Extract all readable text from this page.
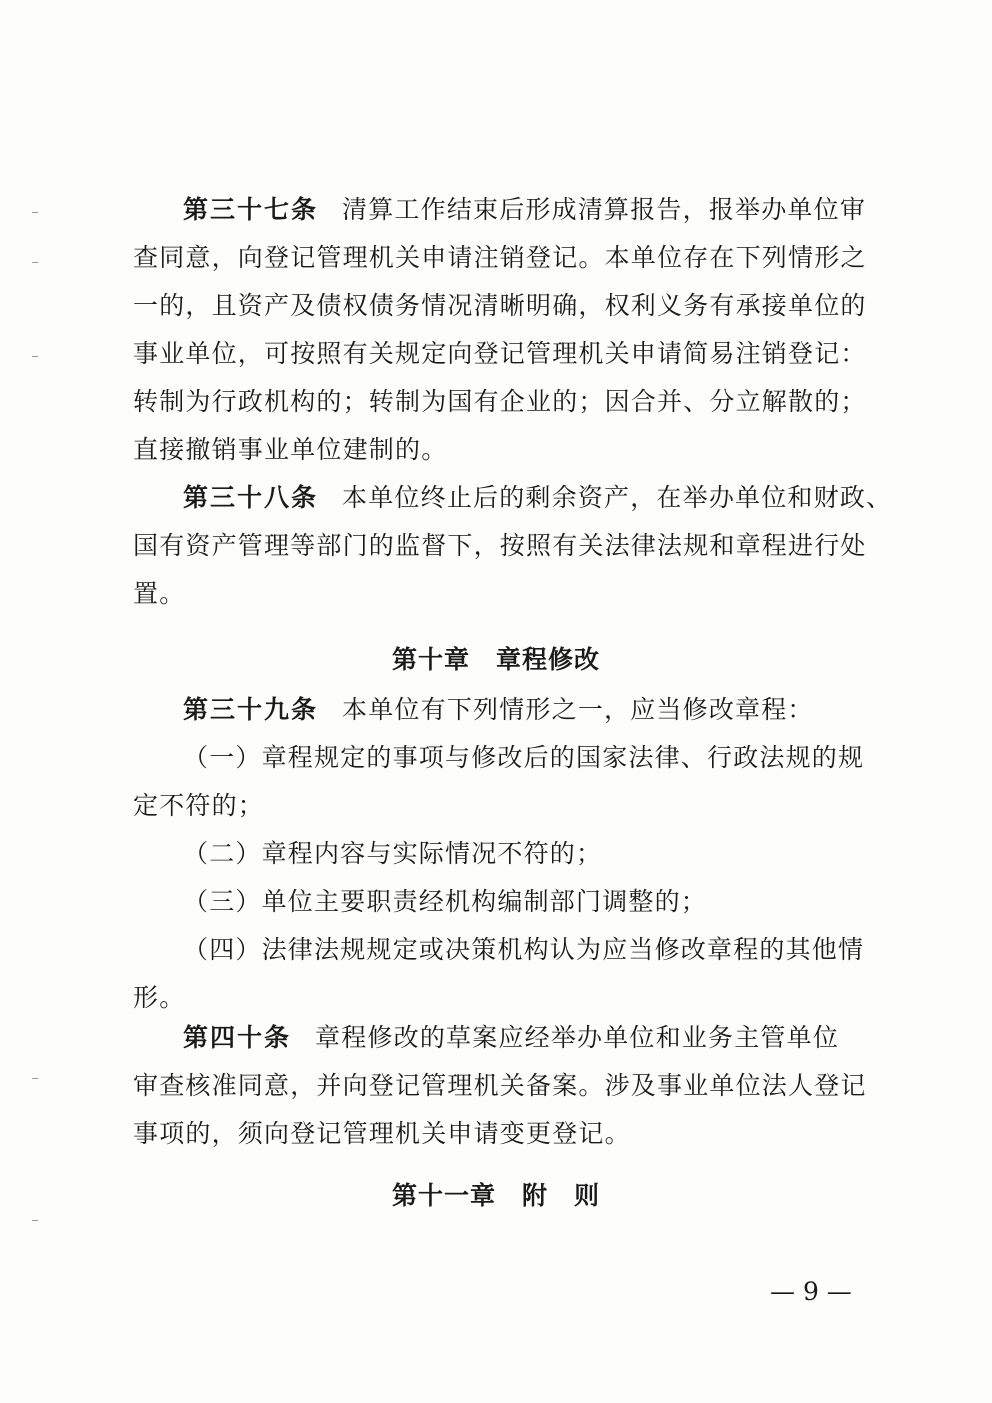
第三十七条 清算工作结束后形成清算报告，报举办单位审
查同意，向登记管理机关申请注销登记。本单位存在下列情形之
一的，且资产及债权债务情况清晰明确，权利义务有承接单位的
事业单位，可按照有关规定向登记管理机关申请简易注销登记：
转制为行政机构的；转制为国有企业的；因合并、分立解散的；
直接撤销事业单位建制的。
第三十八条 本单位终止后的剩余资产，在举办单位和财政、
国有资产管理等部门的监督下，按照有关法律法规和章程进行处
置。
第十章　章程修改
第三十九条 本单位有下列情形之一，应当修改章程：
（一）章程规定的事项与修改后的国家法律、行政法规的规
定不符的；
（二）章程内容与实际情况不符的；
（三）单位主要职责经机构编制部门调整的；
（四）法律法规规定或决策机构认为应当修改章程的其他情
形。
第四十条 章程修改的草案应经举办单位和业务主管单位
审查核准同意，并向登记管理机关备案。涉及事业单位法人登记
事项的，须向登记管理机关申请变更登记。
第十一章　附　则
— 9 —
